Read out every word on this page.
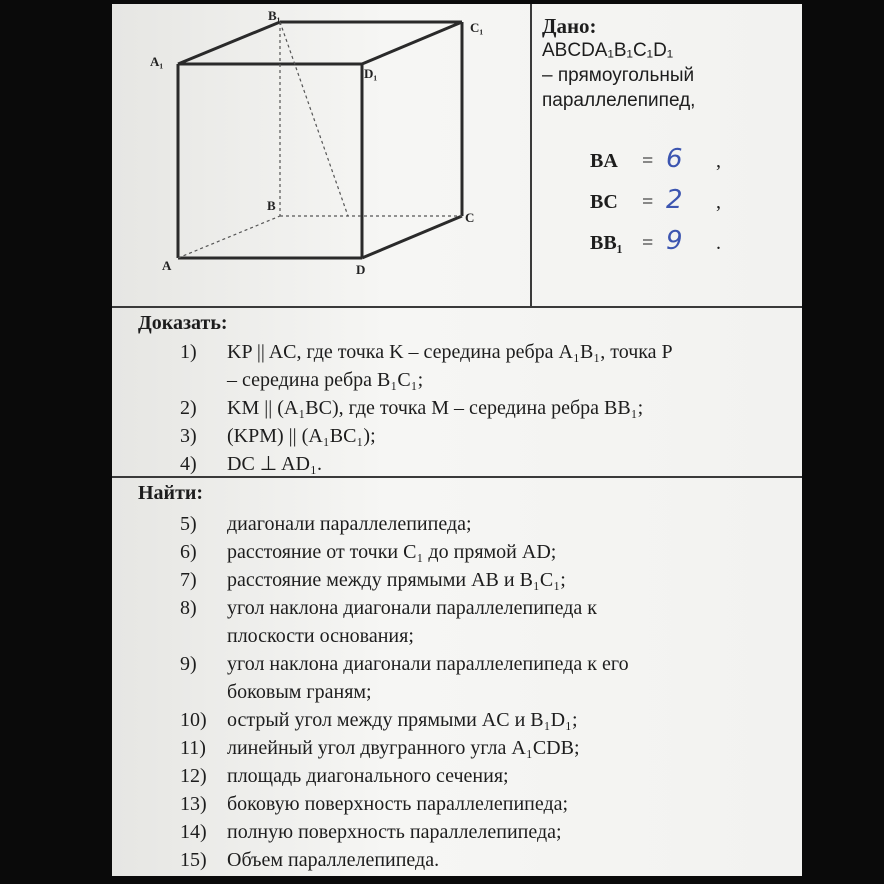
B₁
C₁
A₁
D₁
B
C
A	D
Дано:
ABCDA₁B₁C₁D₁
– прямоугольный
параллелепипед,
BA = 6 ,
BC = 2 ,
BB₁ = 9 .
Доказать:
1)	KP || AC, где точка K – середина ребра A₁B₁, точка P
– середина ребра B₁C₁;
2)	KM || (A₁BC), где точка M – середина ребра BB₁;
3)	(KPM) || (A₁BC₁);
4)	DC ⊥ AD₁.
Найти:
5)	диагонали параллелепипеда;
6)	расстояние от точки C₁ до прямой AD;
7)	расстояние между прямыми AB и B₁C₁;
8)	угол наклона диагонали параллелепипеда к
плоскости основания;
9)	угол наклона диагонали параллелепипеда к его
боковым граням;
10)	острый угол между прямыми AC и B₁D₁;
11)	линейный угол двугранного угла A₁CDB;
12)	площадь диагонального сечения;
13)	боковую поверхность параллелепипеда;
14)	полную поверхность параллелепипеда;
15)	Объем параллелепипеда.
